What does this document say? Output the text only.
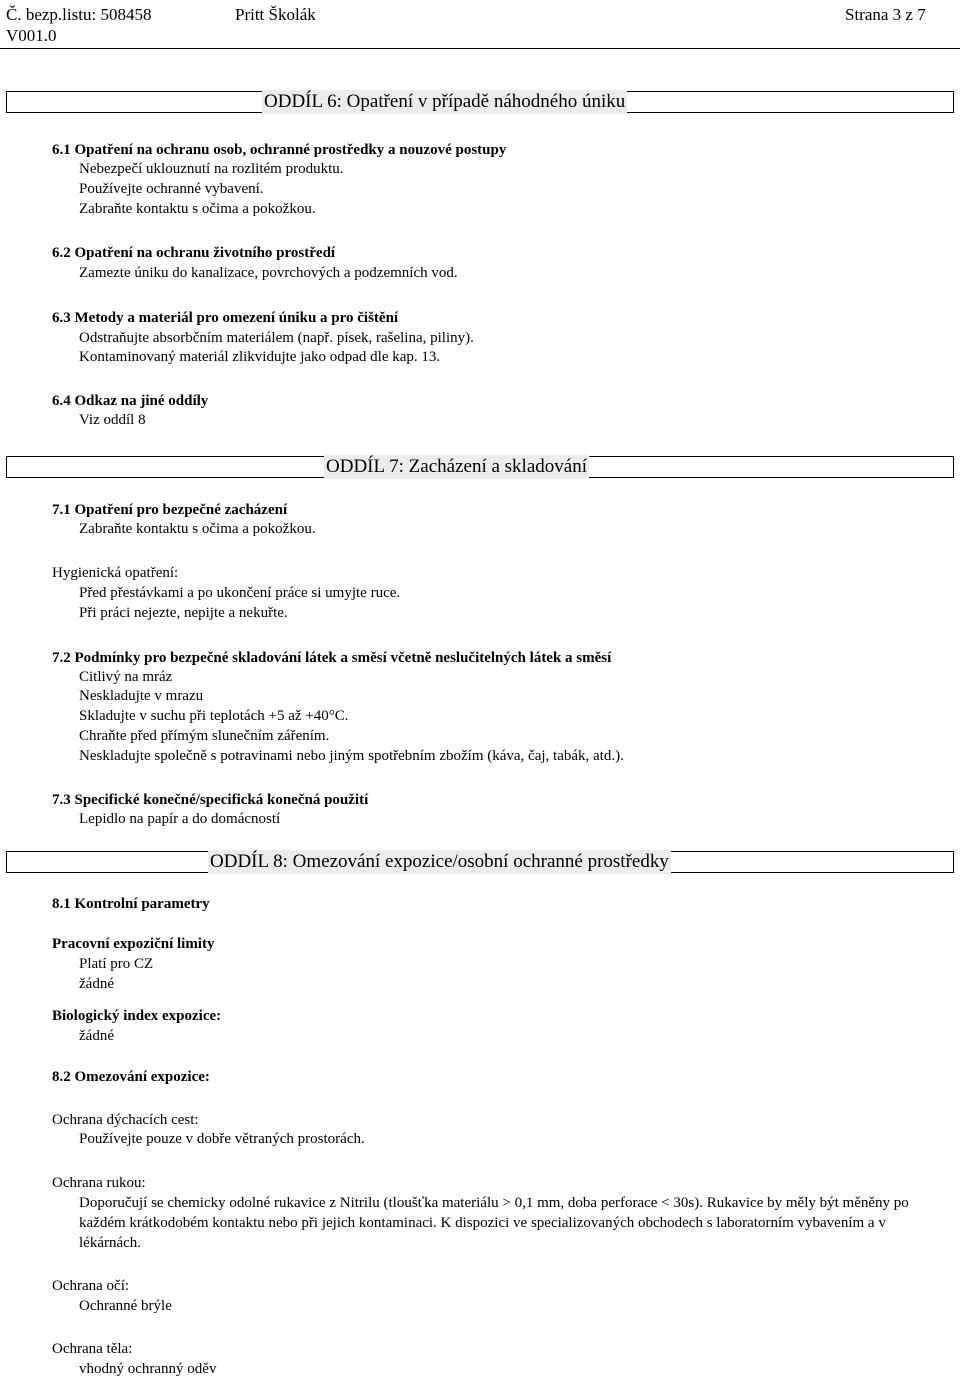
Č. bezp.listu: 508458
V001.0
Pritt Školák	Strana 3 z 7
ODDÍL 6: Opatření v případě náhodného úniku
6.1 Opatření na ochranu osob, ochranné prostředky a nouzové postupy
Nebezpečí uklouznutí na rozlitém produktu.
Používejte ochranné vybavení.
Zabraňte kontaktu s očima a pokožkou.
6.2 Opatření na ochranu životního prostředí
Zamezte úniku do kanalizace, povrchových a podzemních vod.
6.3 Metody a materiál pro omezení úniku a pro čištění
Odstraňujte absorbčním materiálem (např. písek, rašelina, piliny).
Kontaminovaný materiál zlikvidujte jako odpad dle kap. 13.
6.4 Odkaz na jiné oddíly
Viz oddíl 8
ODDÍL 7: Zacházení a skladování
7.1 Opatření pro bezpečné zacházení
Zabraňte kontaktu s očima a pokožkou.
Hygienická opatření:
Před přestávkami a po ukončení práce si umyjte ruce.
Při práci nejezte, nepijte a nekuřte.
7.2 Podmínky pro bezpečné skladování látek a směsí včetně neslučitelných látek a směsí
Citlivý na mráz
Neskladujte v mrazu
Skladujte v suchu při teplotách +5 až +40°C.
Chraňte před přímým slunečním zářením.
Neskladujte společně s potravinami nebo jiným spotřebním zbožím (káva, čaj, tabák, atd.).
7.3 Specifické konečné/specifická konečná použití
Lepidlo na papír a do domácností
ODDÍL 8: Omezování expozice/osobní ochranné prostředky
8.1 Kontrolní parametry
Pracovní expoziční limity
Platí pro CZ
žádné
Biologický index expozice:
žádné
8.2 Omezování expozice:
Ochrana dýchacích cest:
Používejte pouze v dobře větraných prostorách.
Ochrana rukou:
Doporučují se chemicky odolné rukavice z Nitrilu (tloušťka materiálu > 0,1 mm, doba perforace < 30s). Rukavice by měly být měněny po každém krátkodobém kontaktu nebo při jejich kontaminaci. K dispozici ve specializovaných obchodech s laboratorním vybavením a v lékárnách.
Ochrana očí:
Ochranné brýle
Ochrana těla:
vhodný ochranný oděv
